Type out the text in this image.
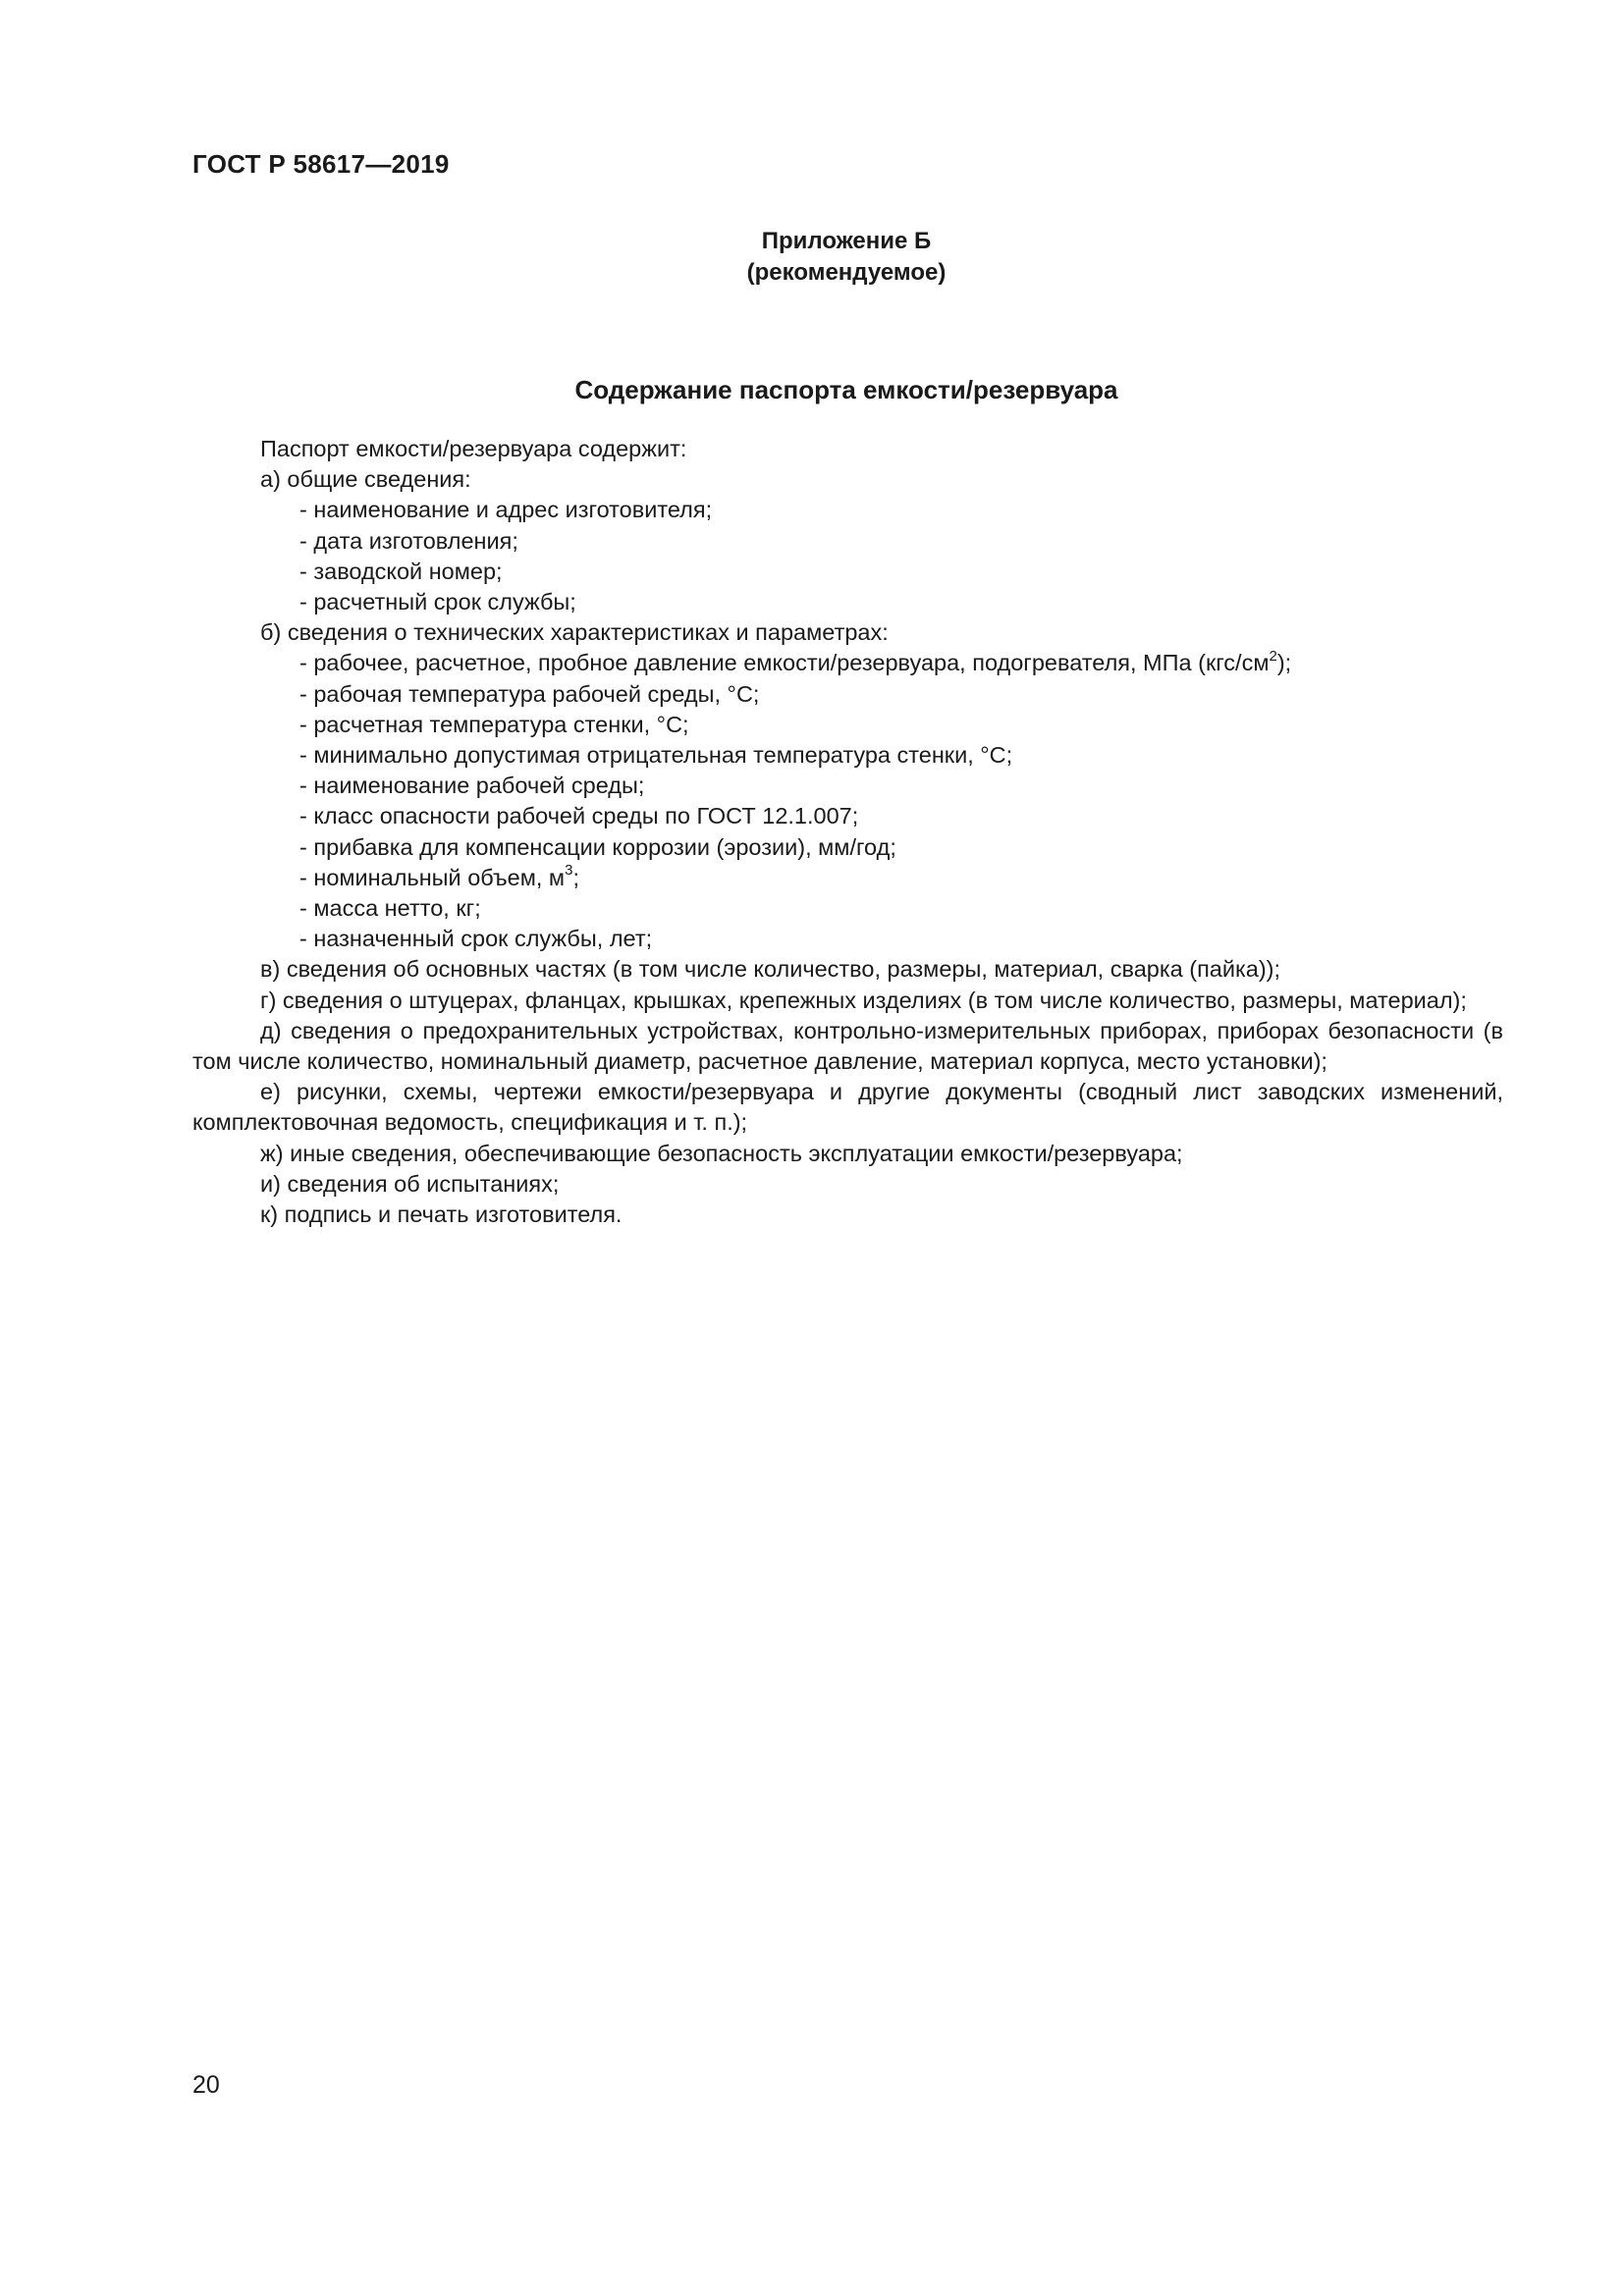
ГОСТ Р 58617—2019
Приложение Б
(рекомендуемое)
Содержание паспорта емкости/резервуара
Паспорт емкости/резервуара содержит:
а) общие сведения:
- наименование и адрес изготовителя;
- дата изготовления;
- заводской номер;
- расчетный срок службы;
б) сведения о технических характеристиках и параметрах:
- рабочее, расчетное, пробное давление емкости/резервуара, подогревателя, МПа $(кгс/см^2)$;
- рабочая температура рабочей среды, °С;
- расчетная температура стенки, °С;
- минимально допустимая отрицательная температура стенки, °С;
- наименование рабочей среды;
- класс опасности рабочей среды по ГОСТ 12.1.007;
- прибавка для компенсации коррозии (эрозии), мм/год;
- номинальный объем, $м^3$;
- масса нетто, кг;
- назначенный срок службы, лет;
в) сведения об основных частях (в том числе количество, размеры, материал, сварка (пайка));
г) сведения о штуцерах, фланцах, крышках, крепежных изделиях (в том числе количество, размеры, материал);
д) сведения о предохранительных устройствах, контрольно-измерительных приборах, приборах безопасности (в том числе количество, номинальный диаметр, расчетное давление, материал корпуса, место установки);
е) рисунки, схемы, чертежи емкости/резервуара и другие документы (сводный лист заводских изменений, комплектовочная ведомость, спецификация и т. п.);
ж) иные сведения, обеспечивающие безопасность эксплуатации емкости/резервуара;
и) сведения об испытаниях;
к) подпись и печать изготовителя.
20
